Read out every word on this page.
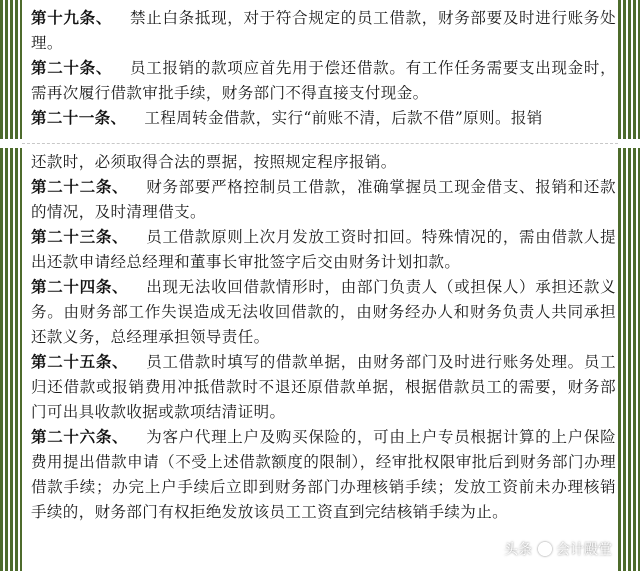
第十九条、 禁止白条抵现，对于符合规定的员工借款，财务部要及时进行账务处理。

第二十条、 员工报销的款项应首先用于偿还借款。有工作任务需要支出现金时，需再次履行借款审批手续，财务部门不得直接支付现金。

第二十一条、 工程周转金借款，实行“前账不清，后款不借”原则。报销

还款时，必须取得合法的票据，按照规定程序报销。

第二十二条、 财务部要严格控制员工借款，准确掌握员工现金借支、报销和还款的情况，及时清理借支。

第二十三条、 员工借款原则上次月发放工资时扣回。特殊情况的，需由借款人提出还款申请经总经理和董事长审批签字后交由财务计划扣款。

第二十四条、 出现无法收回借款情形时，由部门负责人（或担保人）承担还款义务。由财务部工作失误造成无法收回借款的，由财务经办人和财务负责人共同承担还款义务，总经理承担领导责任。

第二十五条、 员工借款时填写的借款单据，由财务部门及时进行账务处理。员工归还借款或报销费用冲抵借款时不退还原借款单据，根据借款员工的需要，财务部门可出具收款收据或款项结清证明。

第二十六条、 为客户代理上户及购买保险的，可由上户专员根据计算的上户保险费用提出借款申请（不受上述借款额度的限制），经审批权限审批后到财务部门办理借款手续；办完上户手续后立即到财务部门办理核销手续；发放工资前未办理核销手续的，财务部门有权拒绝发放该员工工资直到完结核销手续为止。

头条 会计殿堂
